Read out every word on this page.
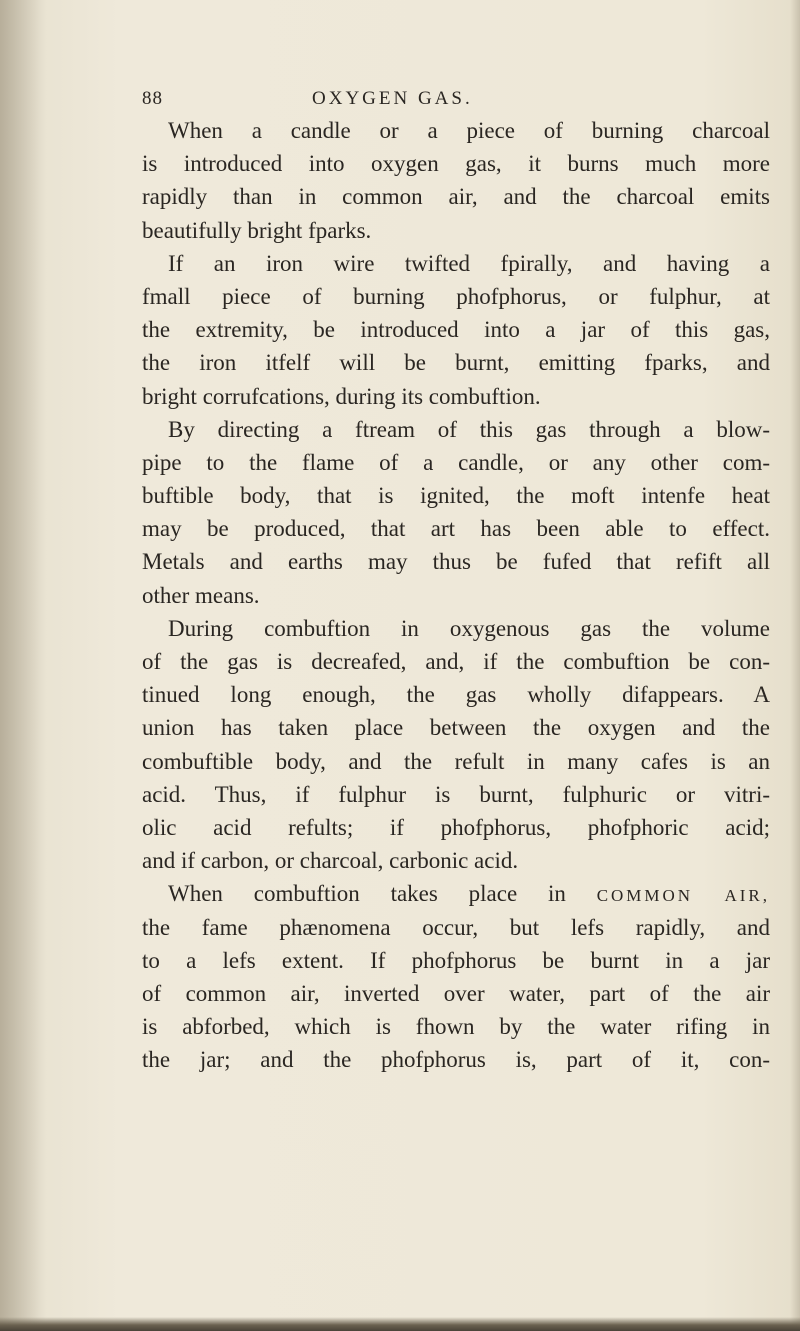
88	OXYGEN GAS.
When a candle or a piece of burning charcoal
is introduced into oxygen gas, it burns much more
rapidly than in common air, and the charcoal emits
beautifully bright fparks.
If an iron wire twifted fpirally, and having a
fmall piece of burning phofphorus, or fulphur, at
the extremity, be introduced into a jar of this gas,
the iron itfelf will be burnt, emitting fparks, and
bright corrufcations, during its combuftion.
By directing a ftream of this gas through a blow-
pipe to the flame of a candle, or any other com-
buftible body, that is ignited, the moft intenfe heat
may be produced, that art has been able to effect.
Metals and earths may thus be fufed that refift all
other means.
During combuftion in oxygenous gas the volume
of the gas is decreafed, and, if the combuftion be con-
tinued long enough, the gas wholly difappears. A
union has taken place between the oxygen and the
combuftible body, and the refult in many cafes is an
acid. Thus, if fulphur is burnt, fulphuric or vitri-
olic acid refults; if phofphorus, phofphoric acid;
and if carbon, or charcoal, carbonic acid.
When combuftion takes place in COMMON AIR,
the fame phænomena occur, but lefs rapidly, and
to a lefs extent. If phofphorus be burnt in a jar
of common air, inverted over water, part of the air
is abforbed, which is fhown by the water rifing in
the jar; and the phofphorus is, part of it, con-
